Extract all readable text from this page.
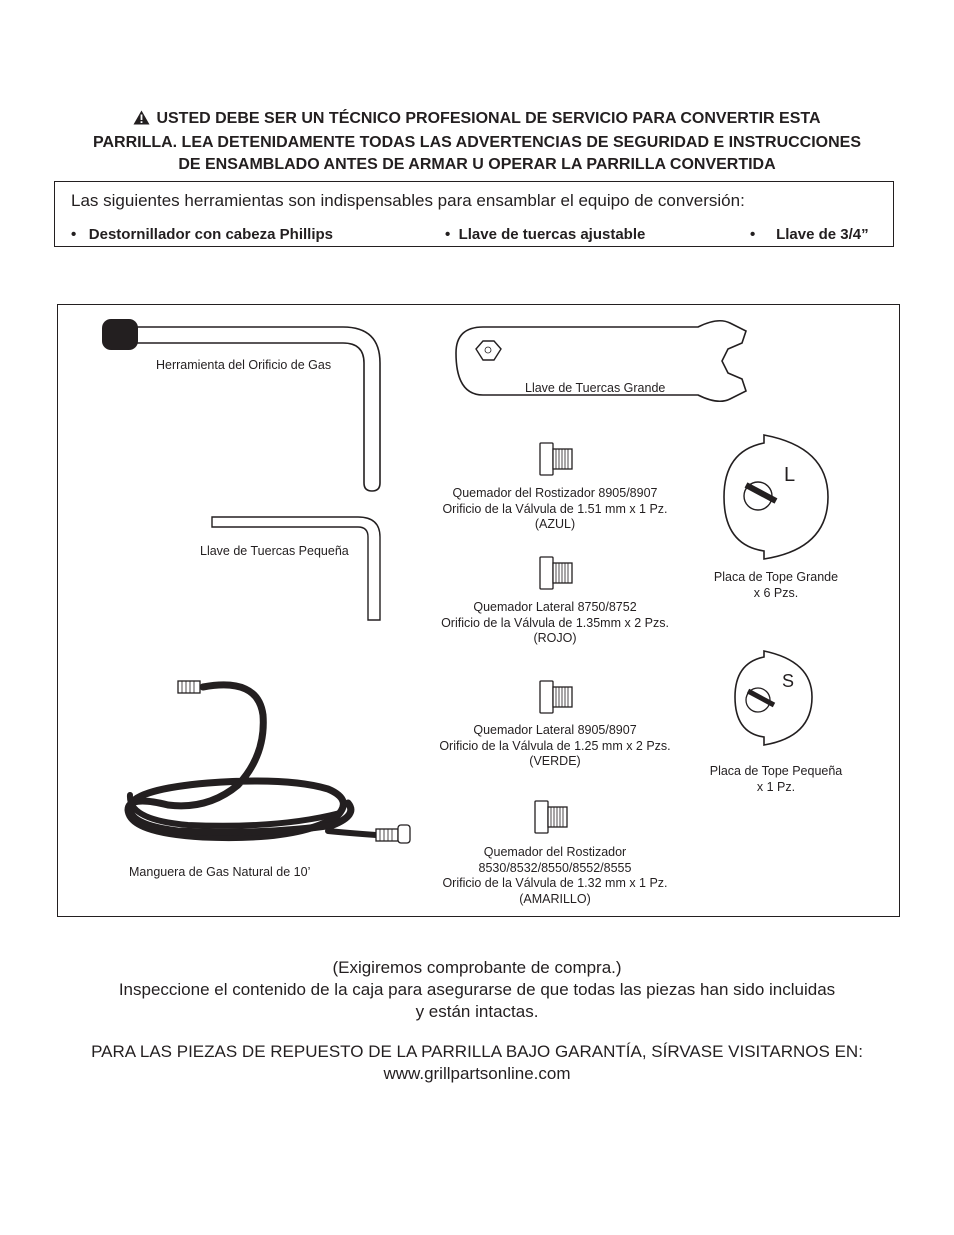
USTED DEBE SER UN TÉCNICO PROFESIONAL DE SERVICIO PARA CONVERTIR ESTA
PARRILLA. LEA DETENIDAMENTE TODAS LAS ADVERTENCIAS DE SEGURIDAD E INSTRUCCIONES
DE ENSAMBLADO ANTES DE ARMAR U OPERAR LA PARRILLA CONVERTIDA
Las siguientes herramientas son indispensables para ensamblar el equipo de conversión:
•   Destornillador con cabeza Phillips	•  Llave de tuercas ajustable	•     Llave de 3/4”
L
S
Herramienta del Orificio de Gas
Llave de Tuercas Grande
Llave de Tuercas Pequeña
Manguera de Gas Natural de 10’
Quemador del Rostizador 8905/8907
Orificio de la Válvula de 1.51 mm x 1 Pz.
(AZUL)
Quemador Lateral 8750/8752
Orificio de la Válvula de 1.35mm x 2 Pzs.
(ROJO)
Quemador Lateral 8905/8907
Orificio de la Válvula de 1.25 mm x 2 Pzs.
(VERDE)
Quemador del Rostizador
8530/8532/8550/8552/8555
Orificio de la Válvula de 1.32 mm x 1 Pz.
(AMARILLO)
Placa de Tope Grande
x 6 Pzs.
Placa de Tope Pequeña
x 1 Pz.
(Exigiremos comprobante de compra.)
Inspeccione el contenido de la caja para asegurarse de que todas las piezas han sido incluidas
y están intactas.
PARA LAS PIEZAS DE REPUESTO DE LA PARRILLA BAJO GARANTÍA, SÍRVASE VISITARNOS EN:
www.grillpartsonline.com
